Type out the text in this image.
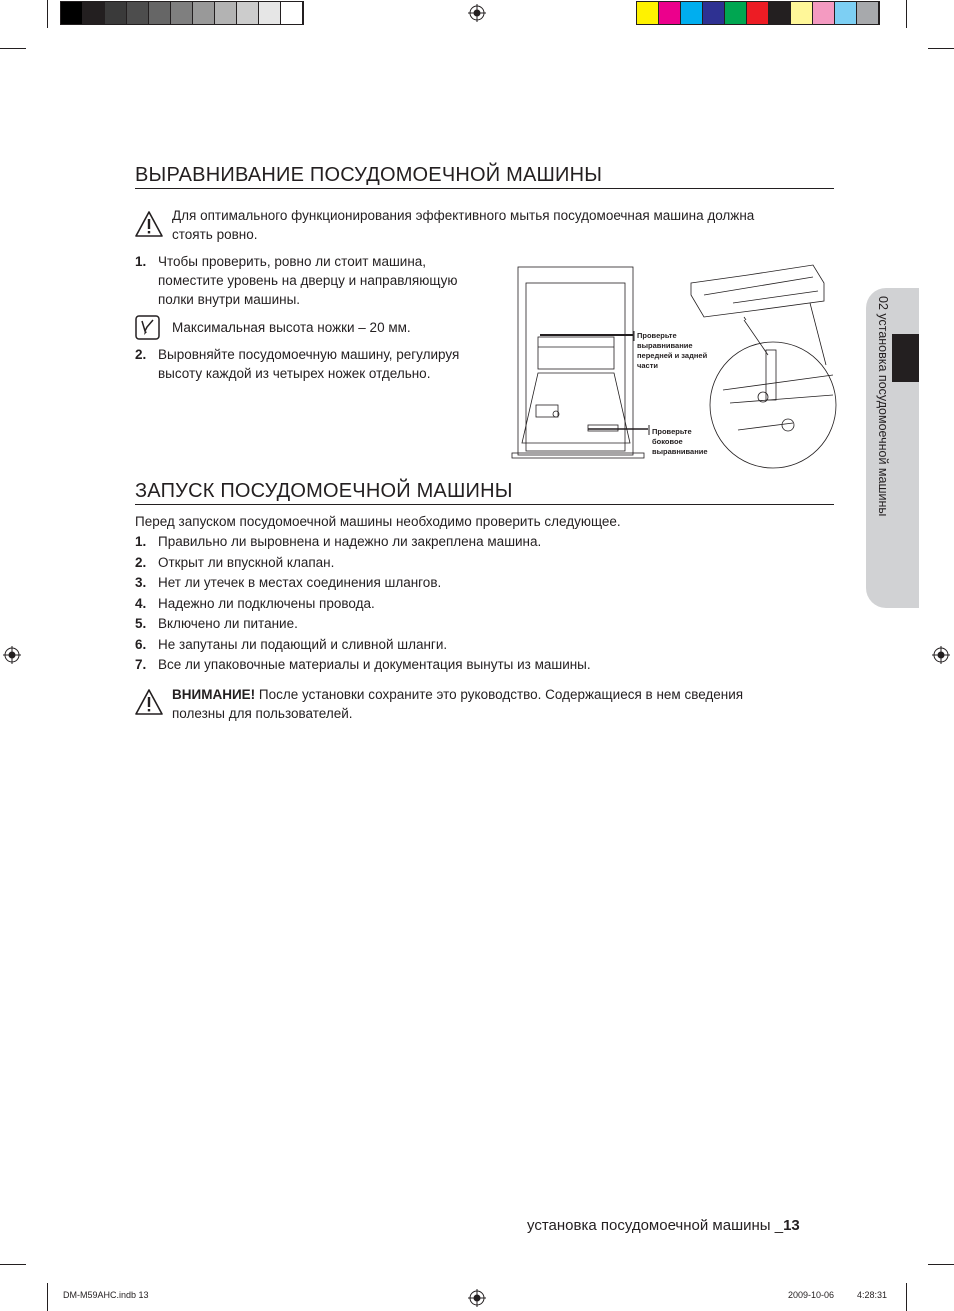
02 установка посудомоечной машины
ВЫРАВНИВАНИЕ ПОСУДОМОЕЧНОЙ МАШИНЫ
Для оптимального функционирования эффективного мытья посудомоечная машина должна
стоять ровно.
1. Чтобы проверить, ровно ли стоит машина,
поместите уровень на дверцу и направляющую
полки внутри машины.
Максимальная высота ножки – 20 мм.
2. Выровняйте посудомоечную машину, регулируя
высоту каждой из четырех ножек отдельно.
Проверьте
выравнивание
передней и задней
части
Проверьте
боковое
выравнивание
ЗАПУСК ПОСУДОМОЕЧНОЙ МАШИНЫ
Перед запуском посудомоечной машины необходимо проверить следующее.
1. Правильно ли выровнена и надежно ли закреплена машина.
2. Открыт ли впускной клапан.
3. Нет ли утечек в местах соединения шлангов.
4. Надежно ли подключены провода.
5. Включено ли питание.
6. Не запутаны ли подающий и сливной шланги.
7. Все ли упаковочные материалы и документация вынуты из машины.
ВНИМАНИЕ! После установки сохраните это руководство. Содержащиеся в нем сведения
полезны для пользователей.
установка посудомоечной машины _13
DM-M59AHC.indb 13	2009-10-06	4:28:31
